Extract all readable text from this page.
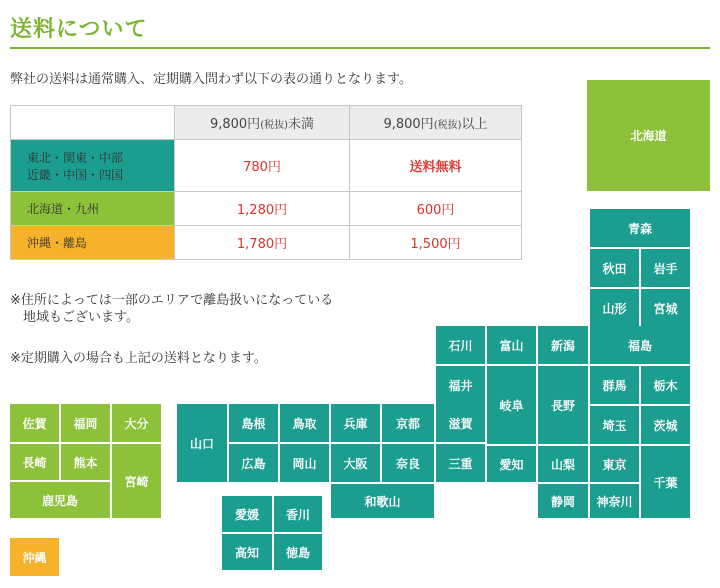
送料について
弊社の送料は通常購入、定期購入問わず以下の表の通りとなります。
	9,800円(税抜)未満	9,800円(税抜)以上

東北・関東・中部
近畿・中国・四国	780円	送料無料
北海道・九州	1,280円	600円
沖縄・離島	1,780円	1,500円
※住所によっては一部のエリアで離島扱いになっている
　地域もございます。
※定期購入の場合も上記の送料となります。
北海道
青森
秋田	岩手
山形	宮城
石川	富山	新潟	福島
福井
岐阜	長野
群馬	栃木
山口
島根	鳥取	兵庫	京都	滋賀	埼玉	茨城
広島	岡山	大阪	奈良	三重	愛知	山梨	東京
千葉
和歌山	静岡	神奈川
愛媛	香川
高知	徳島
佐賀	福岡	大分
長崎	熊本
宮崎
鹿児島
沖縄
